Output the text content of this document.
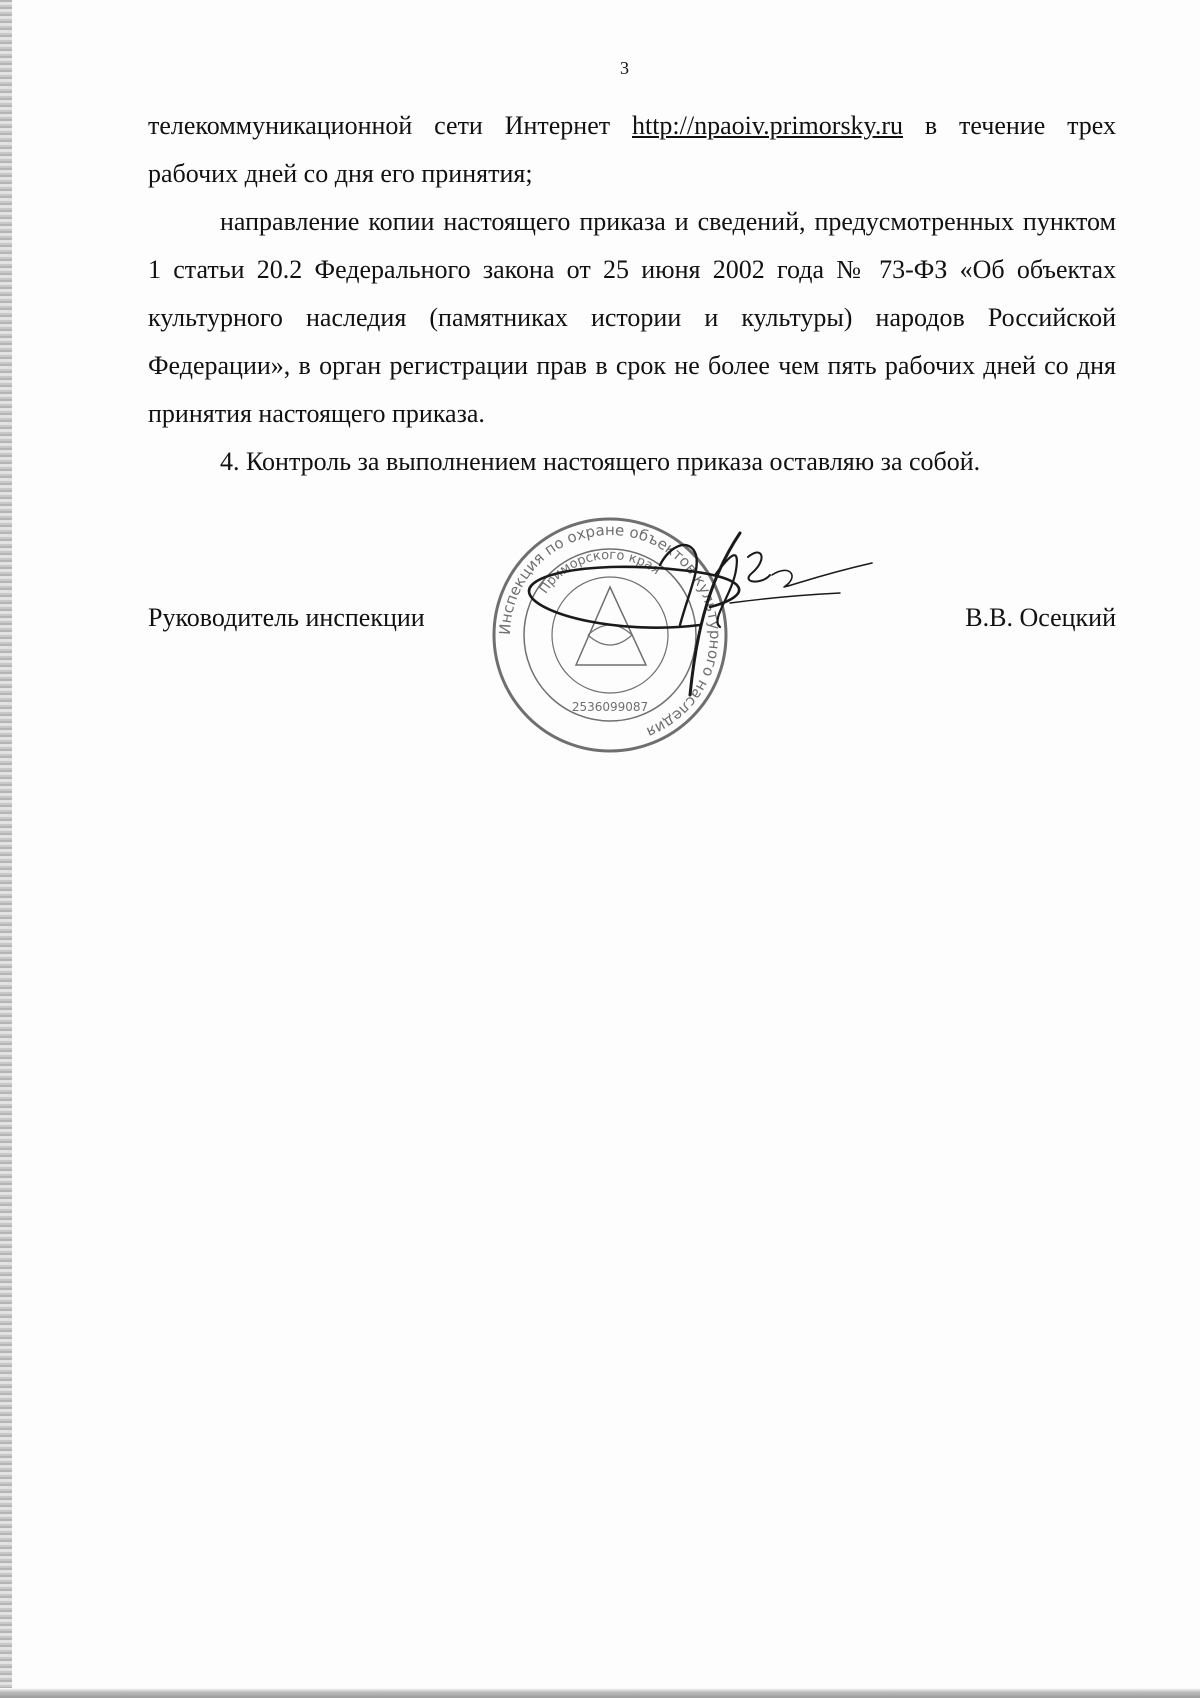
3

телекоммуникационной сети Интернет http://npaoiv.primorsky.ru в течение трех рабочих дней со дня его принятия;

направление копии настоящего приказа и сведений, предусмотренных пунктом 1 статьи 20.2 Федерального закона от 25 июня 2002 года № 73-ФЗ «Об объектах культурного наследия (памятниках истории и культуры) народов Российской Федерации», в орган регистрации прав в срок не более чем пять рабочих дней со дня принятия настоящего приказа.

4. Контроль за выполнением настоящего приказа оставляю за собой.

Руководитель инспекции	В.В. Осецкий
Инспекция по охране объектов культурного наследия
Приморского края
2536099087
